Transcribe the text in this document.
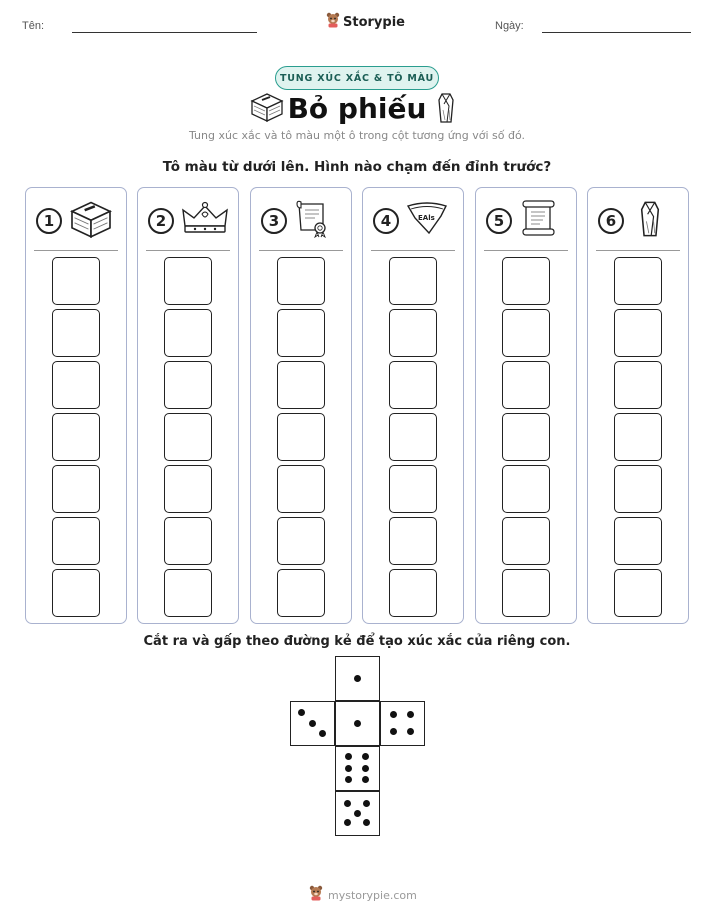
Tên:	Storypie	Ngày:
TUNG XÚC XẮC & TÔ MÀU
Bỏ phiếu
Tung xúc xắc và tô màu một ô trong cột tương ứng với số đó.
Tô màu từ dưới lên. Hình nào chạm đến đỉnh trước?
1	2	3	4	EAls	5	6
Cắt ra và gấp theo đường kẻ để tạo xúc xắc của riêng con.
mystorypie.com
